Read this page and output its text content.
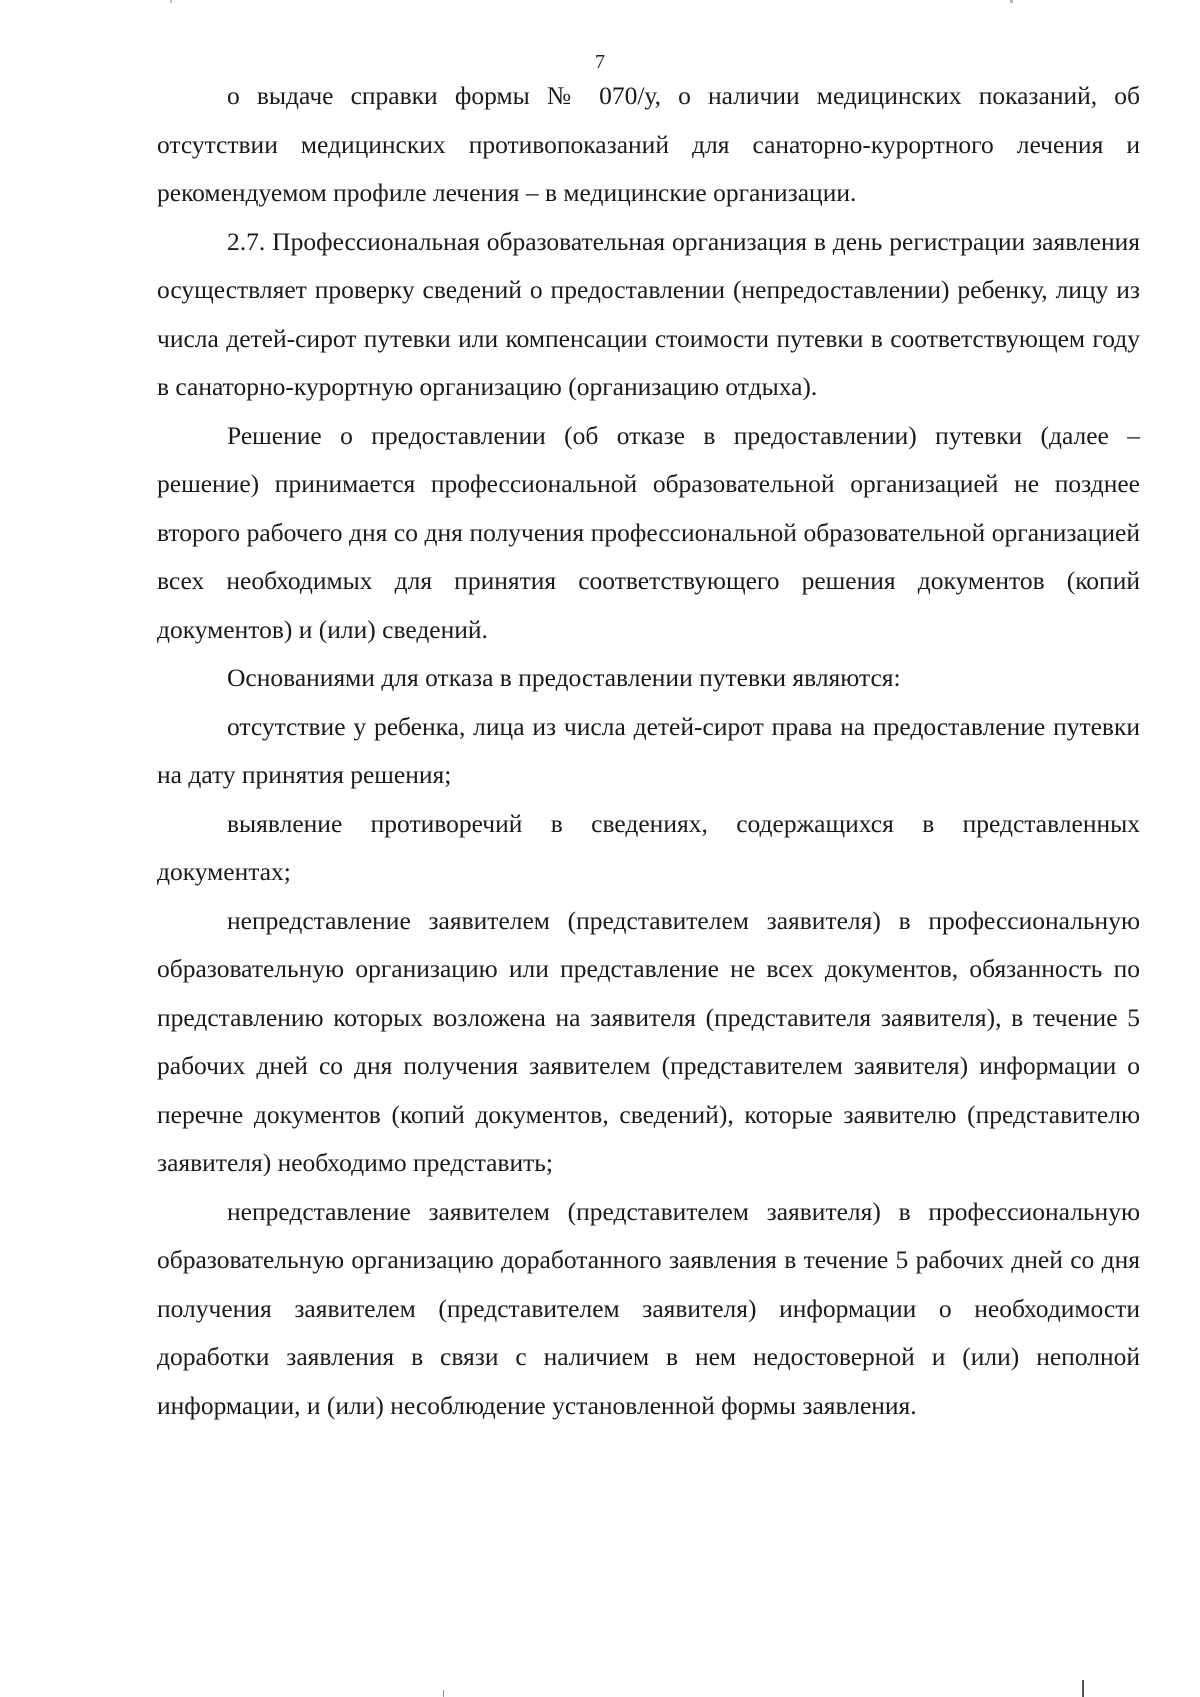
7

о выдаче справки формы № 070/у, о наличии медицинских показаний, об отсутствии медицинских противопоказаний для санаторно-курортного лечения и рекомендуемом профиле лечения – в медицинские организации.

2.7. Профессиональная образовательная организация в день регистрации заявления осуществляет проверку сведений о предоставлении (непредоставлении) ребенку, лицу из числа детей-сирот путевки или компенсации стоимости путевки в соответствующем году в санаторно-курортную организацию (организацию отдыха).

Решение о предоставлении (об отказе в предоставлении) путевки (далее – решение) принимается профессиональной образовательной организацией не позднее второго рабочего дня со дня получения профессиональной образовательной организацией всех необходимых для принятия соответствующего решения документов (копий документов) и (или) сведений.

Основаниями для отказа в предоставлении путевки являются:

отсутствие у ребенка, лица из числа детей-сирот права на предоставление путевки на дату принятия решения;

выявление противоречий в сведениях, содержащихся в представленных документах;

непредставление заявителем (представителем заявителя) в профессиональную образовательную организацию или представление не всех документов, обязанность по представлению которых возложена на заявителя (представителя заявителя), в течение 5 рабочих дней со дня получения заявителем (представителем заявителя) информации о перечне документов (копий документов, сведений), которые заявителю (представителю заявителя) необходимо представить;

непредставление заявителем (представителем заявителя) в профессиональную образовательную организацию доработанного заявления в течение 5 рабочих дней со дня получения заявителем (представителем заявителя) информации о необходимости доработки заявления в связи с наличием в нем недостоверной и (или) неполной информации, и (или) несоблюдение установленной формы заявления.
